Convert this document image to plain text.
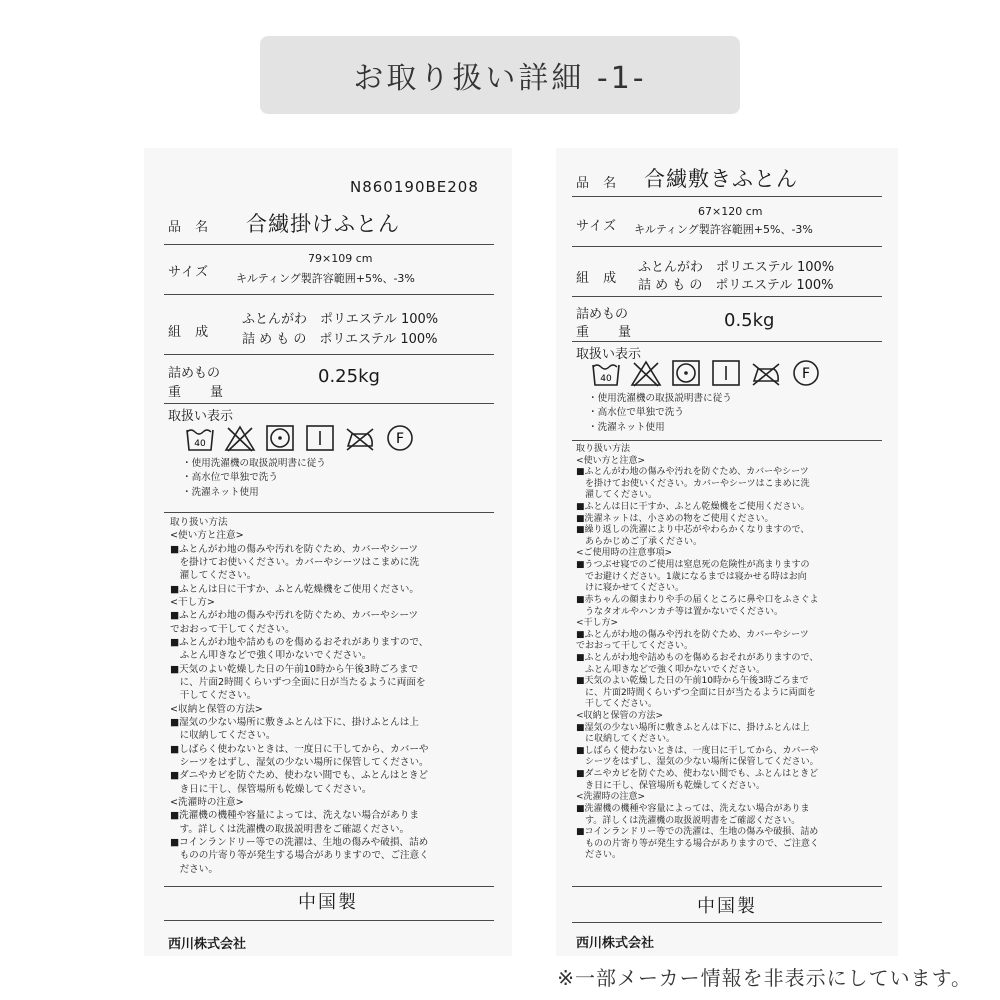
お取り扱い詳細 -1-
N860190BE208
品 名 合繊掛けふとん
サイズ
79×109 cm
キルティング製許容範囲+5%、-3%
組 成
ふとんがわ　ポリエステル 100%
詰 め も の　ポリエステル 100%
詰めもの
重　　量
0.25kg
取扱い表示
40	F
・使用洗濯機の取扱説明書に従う
・高水位で単独で洗う
・洗濯ネット使用
取り扱い方法
<使い方と注意>
■ふとんがわ地の傷みや汚れを防ぐため、カバーやシーツ
　を掛けてお使いください。カバーやシーツはこまめに洗
　濯してください。
■ふとんは日に干すか、ふとん乾燥機をご使用ください。
<干し方>
■ふとんがわ地の傷みや汚れを防ぐため、カバーやシーツ
でおおって干してください。
■ふとんがわ地や詰めものを傷めるおそれがありますので、
　ふとん叩きなどで強く叩かないでください。
■天気のよい乾燥した日の午前10時から午後3時ごろまで
　に、片面2時間くらいずつ全面に日が当たるように両面を
　干してください。
<収納と保管の方法>
■湿気の少ない場所に敷きふとんは下に、掛けふとんは上
　に収納してください。
■しばらく使わないときは、一度日に干してから、カバーや
　シーツをはずし、湿気の少ない場所に保管してください。
■ダニやカビを防ぐため、使わない間でも、ふとんはときど
　き日に干し、保管場所も乾燥してください。
<洗濯時の注意>
■洗濯機の機種や容量によっては、洗えない場合がありま
　す。詳しくは洗濯機の取扱説明書をご確認ください。
■コインランドリー等での洗濯は、生地の傷みや破損、詰め
　ものの片寄り等が発生する場合がありますので、ご注意く
　ださい。
中国製
西川株式会社
品 名 合繊敷きふとん
サイズ
67×120 cm
キルティング製許容範囲+5%、-3%
組 成
ふとんがわ　ポリエステル 100%
詰 め も の　ポリエステル 100%
詰めもの
重　　量
0.5kg
取扱い表示
40	F
・使用洗濯機の取扱説明書に従う
・高水位で単独で洗う
・洗濯ネット使用
取り扱い方法
<使い方と注意>
■ふとんがわ地の傷みや汚れを防ぐため、カバーやシーツ
　を掛けてお使いください。カバーやシーツはこまめに洗
　濯してください。
■ふとんは日に干すか、ふとん乾燥機をご使用ください。
■洗濯ネットは、小さめの物をご使用ください。
■繰り返しの洗濯により中芯がやわらかくなりますので、
　あらかじめご了承ください。
<ご使用時の注意事項>
■うつぶせ寝でのご使用は窒息死の危険性が高まりますの
　でお避けください。1歳になるまでは寝かせる時はお向
　けに寝かせてください。
■赤ちゃんの顔まわりや手の届くところに鼻や口をふさぐよ
　うなタオルやハンカチ等は置かないでください。
<干し方>
■ふとんがわ地の傷みや汚れを防ぐため、カバーやシーツ
でおおって干してください。
■ふとんがわ地や詰めものを傷めるおそれがありますので、
　ふとん叩きなどで強く叩かないでください。
■天気のよい乾燥した日の午前10時から午後3時ごろまで
　に、片面2時間くらいずつ全面に日が当たるように両面を
　干してください。
<収納と保管の方法>
■湿気の少ない場所に敷きふとんは下に、掛けふとんは上
　に収納してください。
■しばらく使わないときは、一度日に干してから、カバーや
　シーツをはずし、湿気の少ない場所に保管してください。
■ダニやカビを防ぐため、使わない間でも、ふとんはときど
　き日に干し、保管場所も乾燥してください。
<洗濯時の注意>
■洗濯機の機種や容量によっては、洗えない場合がありま
　す。詳しくは洗濯機の取扱説明書をご確認ください。
■コインランドリー等での洗濯は、生地の傷みや破損、詰め
　ものの片寄り等が発生する場合がありますので、ご注意く
　ださい。
中国製
西川株式会社
※一部メーカー情報を非表示にしています。
